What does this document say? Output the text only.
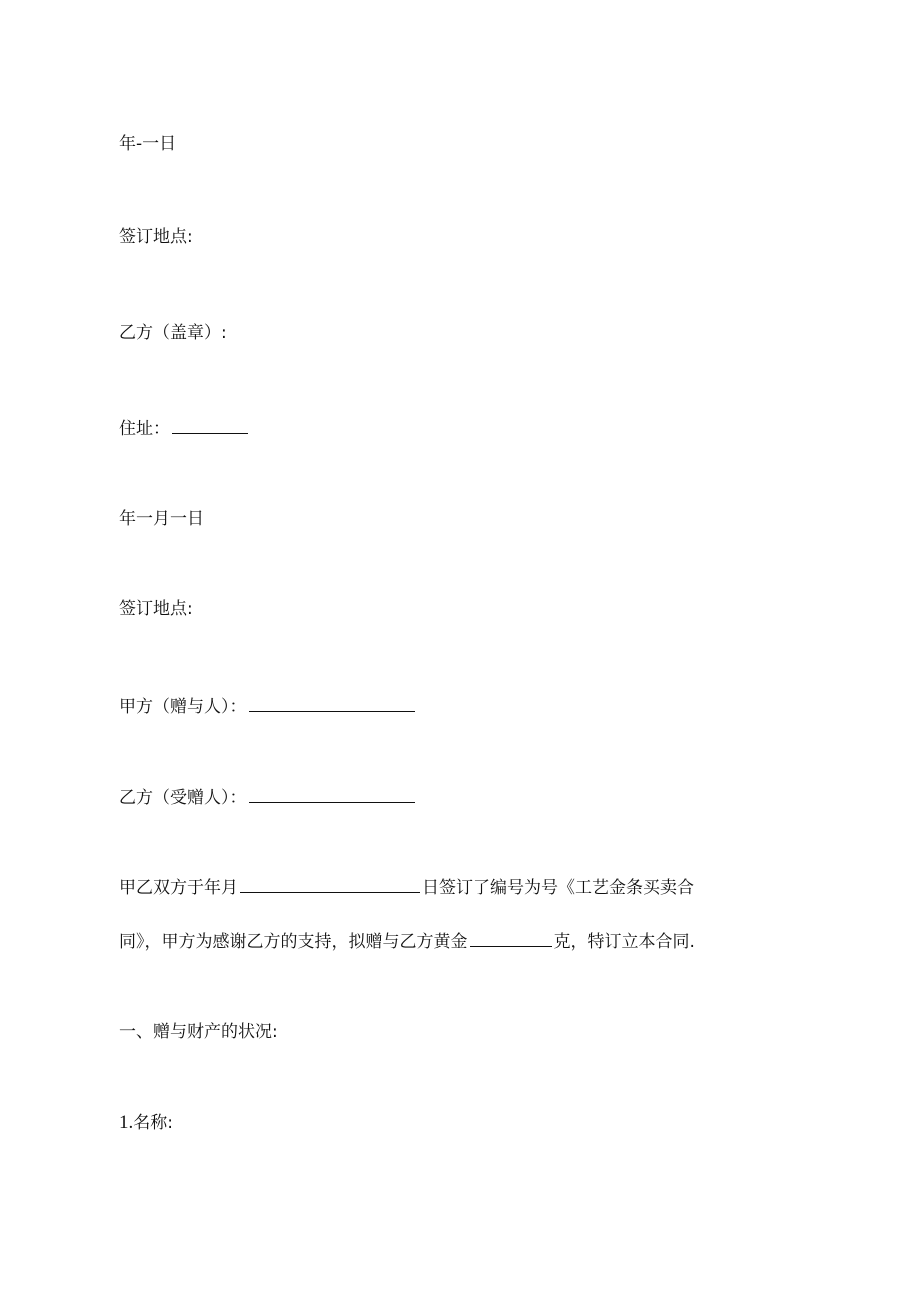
年-一日
签订地点:
乙方（盖章）:
住址：
年一月一日
签订地点:
甲方（赠与人）：
乙方（受赠人）：
甲乙双方于年月	日签订了编号为号《工艺金条买卖合
同》，甲方为感谢乙方的支持，拟赠与乙方黄金	克，特订立本合同.
一、赠与财产的状况:
1.名称:
